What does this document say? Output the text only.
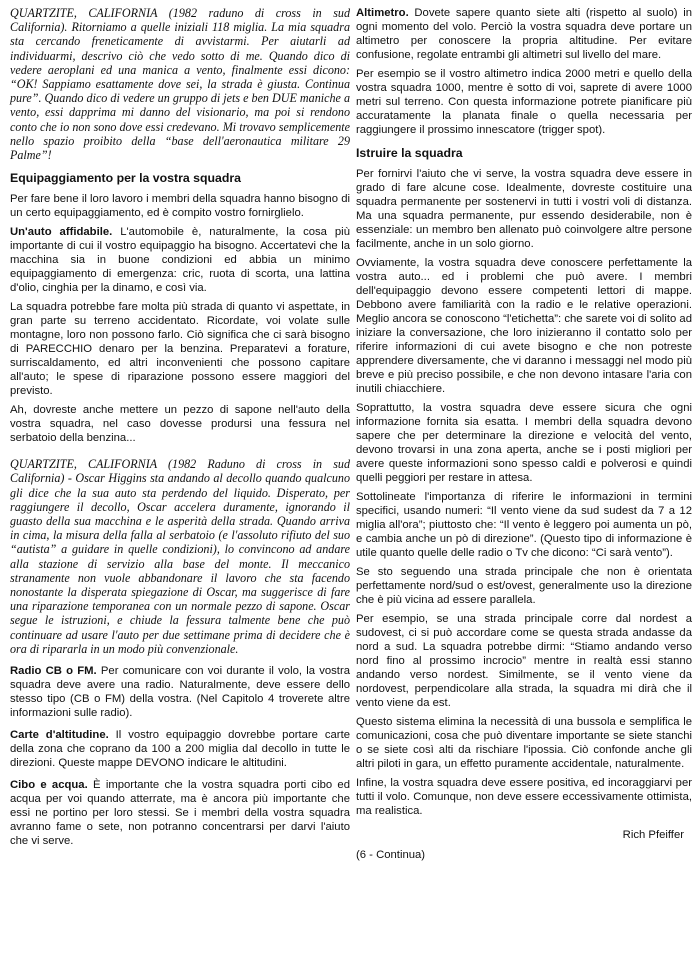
QUARTZITE, CALIFORNIA (1982 raduno di cross in sud California). Ritorniamo a quelle iniziali 118 miglia. La mia squadra sta cercando freneticamente di avvistarmi. Per aiutarli ad individuarmi, descrivo ciò che vedo sotto di me. Quando dico di vedere aeroplani ed una manica a vento, finalmente essi dicono: “OK! Sappiamo esattamente dove sei, la strada è giusta. Continua pure”. Quando dico di vedere un gruppo di jets e ben DUE maniche a vento, essi dapprima mi danno del visionario, ma poi si rendono conto che io non sono dove essi credevano. Mi trovavo semplicemente nello spazio proibito della “base dell'aeronautica militare 29 Palme”!

Equipaggiamento per la vostra squadra

Per fare bene il loro lavoro i membri della squadra hanno bisogno di un certo equipaggiamento, ed è compito vostro fornirglielo.

Un'auto affidabile. L'automobile è, naturalmente, la cosa più importante di cui il vostro equipaggio ha bisogno. Accertatevi che la macchina sia in buone condizioni ed abbia un minimo equipaggiamento di emergenza: cric, ruota di scorta, una lattina d'olio, cinghia per la dinamo, e così via.

La squadra potrebbe fare molta più strada di quanto vi aspettate, in gran parte su terreno accidentato. Ricordate, voi volate sulle montagne, loro non possono farlo. Ciò significa che ci sarà bisogno di PARECCHIO denaro per la benzina. Preparatevi a forature, surriscaldamento, ed altri inconvenienti che possono capitare all'auto; le spese di riparazione possono essere maggiori del previsto.

Ah, dovreste anche mettere un pezzo di sapone nell'auto della vostra squadra, nel caso dovesse prodursi una fessura nel serbatoio della benzina...

QUARTZITE, CALIFORNIA (1982 Raduno di cross in sud California) - Oscar Higgins sta andando al decollo quando qualcuno gli dice che la sua auto sta perdendo del liquido. Disperato, per raggiungere il decollo, Oscar accelera duramente, ignorando il guasto della sua macchina e le asperità della strada. Quando arriva in cima, la misura della falla al serbatoio (e l'assoluto rifiuto del suo “autista” a guidare in quelle condizioni), lo convincono ad andare alla stazione di servizio alla base del monte. Il meccanico stranamente non vuole abbandonare il lavoro che sta facendo nonostante la disperata spiegazione di Oscar, ma suggerisce di fare una riparazione temporanea con un normale pezzo di sapone. Oscar segue le istruzioni, e chiude la fessura talmente bene che può continuare ad usare l'auto per due settimane prima di decidere che è ora di ripararla in un modo più convenzionale.

Radio CB o FM. Per comunicare con voi durante il volo, la vostra squadra deve avere una radio. Naturalmente, deve essere dello stesso tipo (CB o FM) della vostra. (Nel Capitolo 4 troverete altre informazioni sulle radio).

Carte d'altitudine. Il vostro equipaggio dovrebbe portare carte della zona che coprano da 100 a 200 miglia dal decollo in tutte le direzioni. Queste mappe DEVONO indicare le altitudini.

Cibo e acqua. È importante che la vostra squadra porti cibo ed acqua per voi quando atterrate, ma è ancora più importante che essi ne portino per loro stessi. Se i membri della vostra squadra avranno fame o sete, non potranno concentrarsi per darvi l'aiuto che vi serve.

Altimetro. Dovete sapere quanto siete alti (rispetto al suolo) in ogni momento del volo. Perciò la vostra squadra deve portare un altimetro per conoscere la propria altitudine. Per evitare confusione, regolate entrambi gli altimetri sul livello del mare.

Per esempio se il vostro altimetro indica 2000 metri e quello della vostra squadra 1000, mentre è sotto di voi, saprete di avere 1000 metri sul terreno. Con questa informazione potrete pianificare più accuratamente la planata finale o quella necessaria per raggiungere il prossimo innescatore (trigger spot).

Istruire la squadra

Per fornirvi l'aiuto che vi serve, la vostra squadra deve essere in grado di fare alcune cose. Idealmente, dovreste costituire una squadra permanente per sostenervi in tutti i vostri voli di distanza. Ma una squadra permanente, pur essendo desiderabile, non è essenziale: un membro ben allenato può coinvolgere altre persone facilmente, anche in un solo giorno.

Ovviamente, la vostra squadra deve conoscere perfettamente la vostra auto... ed i problemi che può avere. I membri dell'equipaggio devono essere competenti lettori di mappe. Debbono avere familiarità con la radio e le relative operazioni. Meglio ancora se conoscono “l'etichetta”: che sarete voi di solito ad iniziare la conversazione, che loro inizieranno il contatto solo per riferire informazioni di cui avete bisogno e che non potreste apprendere diversamente, che vi daranno i messaggi nel modo più breve e più preciso possibile, e che non devono intasare l'aria con inutili chiacchiere.

Soprattutto, la vostra squadra deve essere sicura che ogni informazione fornita sia esatta. I membri della squadra devono sapere che per determinare la direzione e velocità del vento, devono trovarsi in una zona aperta, anche se i posti migliori per avere queste informazioni sono spesso caldi e polverosi e quindi quelli peggiori per restare in attesa.

Sottolineate l'importanza di riferire le informazioni in termini specifici, usando numeri: “Il vento viene da sud sudest da 7 a 12 miglia all'ora”; piuttosto che: “Il vento è leggero poi aumenta un pò, e cambia anche un pò di direzione”. (Questo tipo di informazione è utile quanto quelle delle radio o Tv che dicono: “Ci sarà vento”).

Se sto seguendo una strada principale che non è orientata perfettamente nord/sud o est/ovest, generalmente uso la direzione che è più vicina ad essere parallela.

Per esempio, se una strada principale corre dal nordest a sudovest, ci si può accordare come se questa strada andasse da nord a sud. La squadra potrebbe dirmi: “Stiamo andando verso nord fino al prossimo incrocio” mentre in realtà essi stanno andando verso nordest. Similmente, se il vento viene da nordovest, perpendicolare alla strada, la squadra mi dirà che il vento viene da est.

Questo sistema elimina la necessità di una bussola e semplifica le comunicazioni, cosa che può diventare importante se siete stanchi o se siete così alti da rischiare l'ipossia. Ciò confonde anche gli altri piloti in gara, un effetto puramente accidentale, naturalmente.

Infine, la vostra squadra deve essere positiva, ed incoraggiarvi per tutti il volo. Comunque, non deve essere eccessivamente ottimista, ma realistica.

Rich Pfeiffer

(6 - Continua)
